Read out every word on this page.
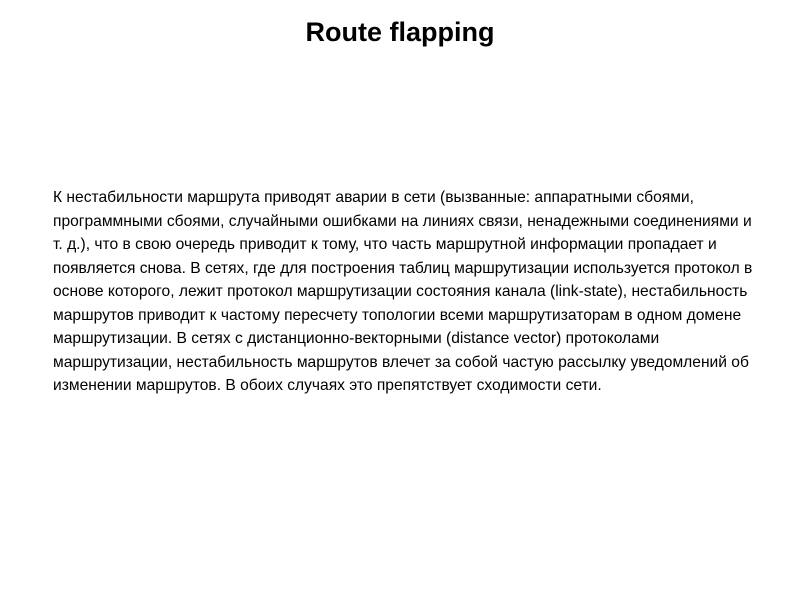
Route flapping

К нестабильности маршрута приводят аварии в сети (вызванные: аппаратными сбоями, программными сбоями, случайными ошибками на линиях связи, ненадежными соединениями и т. д.), что в свою очередь приводит к тому, что часть маршрутной информации пропадает и появляется снова. В сетях, где для построения таблиц маршрутизации используется протокол в основе которого, лежит протокол маршрутизации состояния канала (link-state), нестабильность маршрутов приводит к частому пересчету топологии всеми маршрутизаторам в одном домене маршрутизации. В сетях с дистанционно-векторными (distance vector) протоколами маршрутизации, нестабильность маршрутов влечет за собой частую рассылку уведомлений об изменении маршрутов. В обоих случаях это препятствует сходимости сети.
